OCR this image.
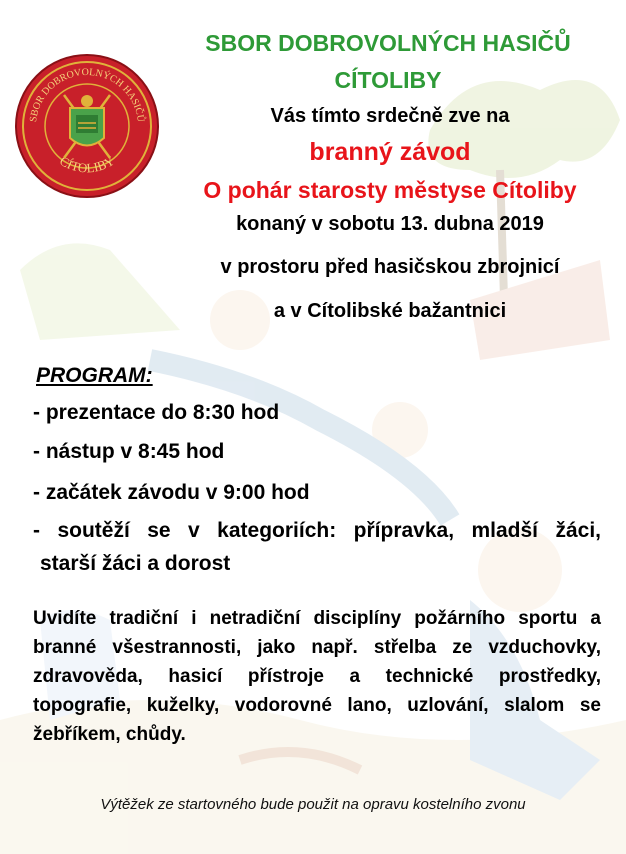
SBOR DOBROVOLNÝCH HASIČŮ
CÍTOLIBY
SBOR DOBROVOLNÝCH HASIČŮ
CÍTOLIBY
Vás tímto srdečně zve na
branný závod
O pohár starosty městyse Cítoliby
konaný v sobotu 13. dubna 2019
v prostoru před hasičskou zbrojnicí
a v Cítolibské bažantnici
PROGRAM:
- prezentace do 8:30 hod
- nástup v 8:45 hod
- začátek závodu v 9:00 hod
- soutěží se v kategoriích: přípravka, mladší žáci,
starší žáci a dorost
Uvidíte tradiční i netradiční disciplíny požárního sportu a branné všestrannosti, jako např. střelba ze vzduchovky, zdravověda, hasicí přístroje a technické prostředky, topografie, kuželky, vodorovné lano, uzlování, slalom se žebříkem, chůdy.
Výtěžek ze startovného bude použit na opravu kostelního zvonu
